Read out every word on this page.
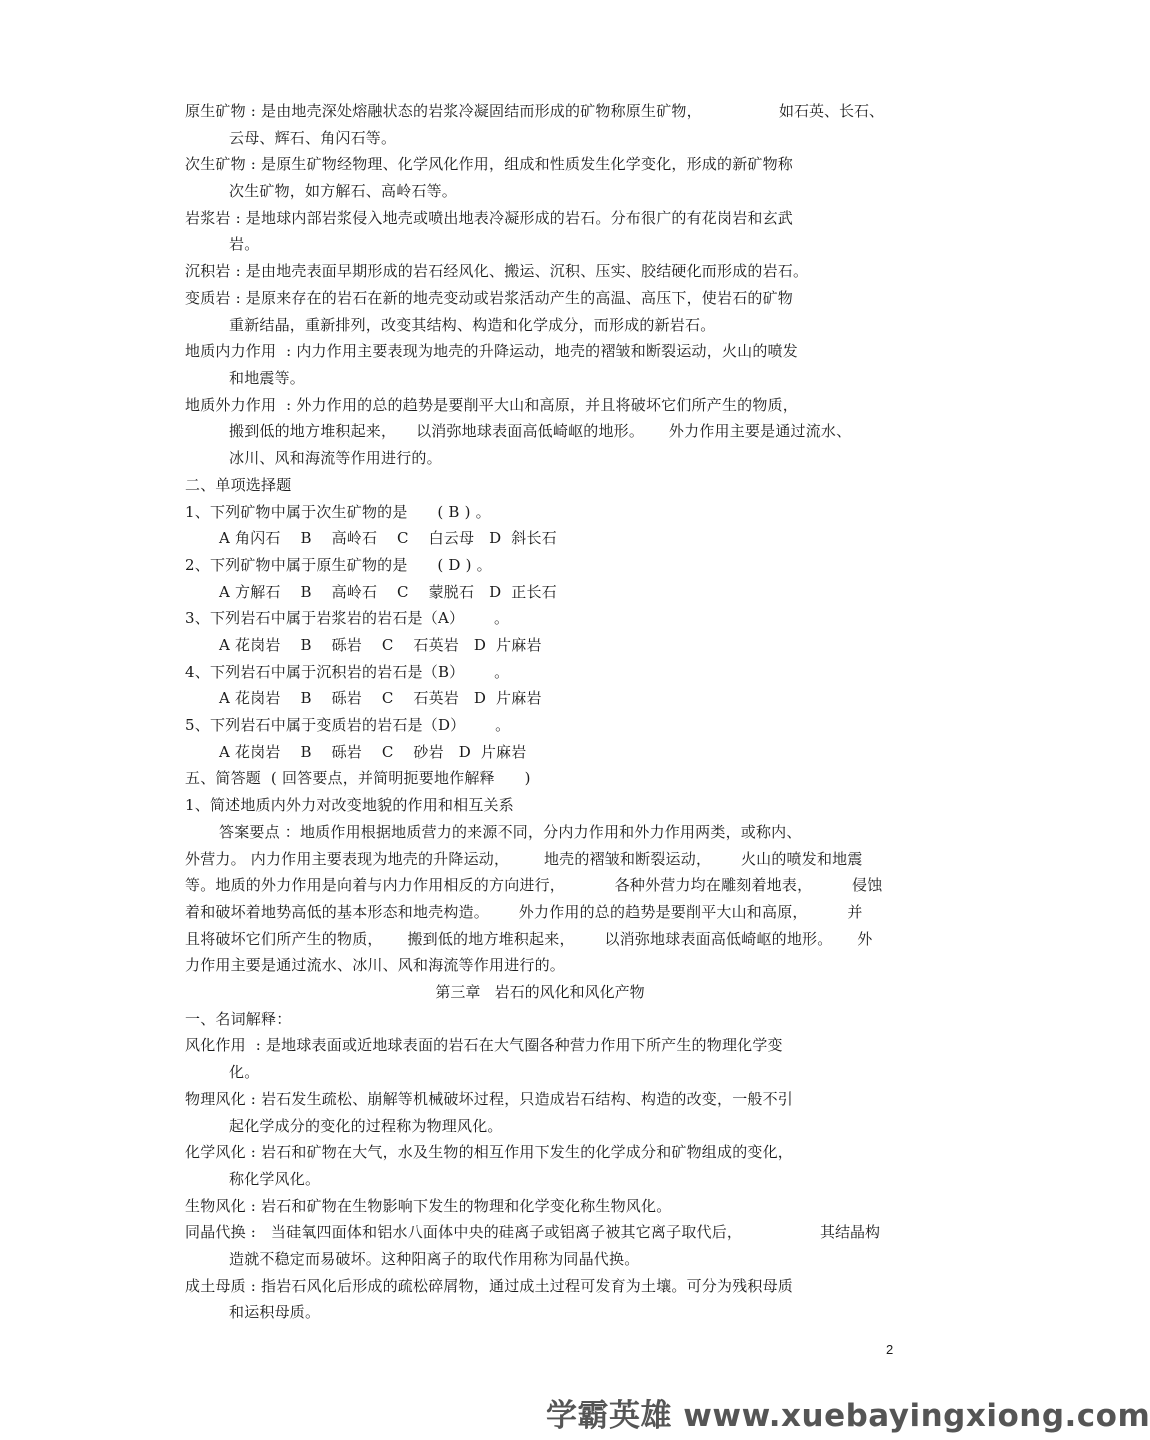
原生矿物 : 是由地壳深处熔融状态的岩浆冷凝固结而形成的矿物称原生矿物，	如石英、长石、
云母、辉石、角闪石等。
次生矿物 : 是原生矿物经物理、化学风化作用，组成和性质发生化学变化，形成的新矿物称
次生矿物，如方解石、高岭石等。
岩浆岩 : 是地球内部岩浆侵入地壳或喷出地表冷凝形成的岩石。分布很广的有花岗岩和玄武
岩。
沉积岩 : 是由地壳表面早期形成的岩石经风化、搬运、沉积、压实、胶结硬化而形成的岩石。
变质岩 : 是原来存在的岩石在新的地壳变动或岩浆活动产生的高温、高压下，使岩石的矿物
重新结晶，重新排列，改变其结构、构造和化学成分，而形成的新岩石。
地质内力作用  : 内力作用主要表现为地壳的升降运动，地壳的褶皱和断裂运动，火山的喷发
和地震等。
地质外力作用  : 外力作用的总的趋势是要削平大山和高原，并且将破坏它们所产生的物质，
搬到低的地方堆积起来，    以消弥地球表面高低崎岖的地形。     外力作用主要是通过流水、
冰川、风和海流等作用进行的。
二、单项选择题
1、下列矿物中属于次生矿物的是      ( B ) 。
A 角闪石    B    高岭石    C    白云母   D  斜长石
2、下列矿物中属于原生矿物的是      ( D ) 。
A 方解石    B    高岭石    C    蒙脱石   D  正长石
3、下列岩石中属于岩浆岩的岩石是（A）      。
A 花岗岩    B    砾岩    C    石英岩   D  片麻岩
4、下列岩石中属于沉积岩的岩石是（B）      。
A 花岗岩    B    砾岩    C    石英岩   D  片麻岩
5、下列岩石中属于变质岩的岩石是（D）      。
A 花岗岩    B    砾岩    C    砂岩   D  片麻岩
五、简答题  ( 回答要点，并简明扼要地作解释      )
1、简述地质内外力对改变地貌的作用和相互关系
答案要点 ：地质作用根据地质营力的来源不同，分内力作用和外力作用两类，或称内、
外营力。 内力作用主要表现为地壳的升降运动，       地壳的褶皱和断裂运动，      火山的喷发和地震
等。地质的外力作用是向着与内力作用相反的方向进行，          各种外营力均在雕刻着地表，        侵蚀
着和破坏着地势高低的基本形态和地壳构造。      外力作用的总的趋势是要削平大山和高原，        并
且将破坏它们所产生的物质，     搬到低的地方堆积起来，      以消弥地球表面高低崎岖的地形。     外
力作用主要是通过流水、冰川、风和海流等作用进行的。
第三章   岩石的风化和风化产物
一、名词解释：
风化作用  : 是地球表面或近地球表面的岩石在大气圈各种营力作用下所产生的物理化学变
化。
物理风化 : 岩石发生疏松、崩解等机械破坏过程，只造成岩石结构、构造的改变，一般不引
起化学成分的变化的过程称为物理风化。
化学风化 : 岩石和矿物在大气，水及生物的相互作用下发生的化学成分和矿物组成的变化，
称化学风化。
生物风化 : 岩石和矿物在生物影响下发生的物理和化学变化称生物风化。
同晶代换 :   当硅氧四面体和铝水八面体中央的硅离子或铝离子被其它离子取代后，	其结晶构
造就不稳定而易破坏。这种阳离子的取代作用称为同晶代换。
成土母质 : 指岩石风化后形成的疏松碎屑物，通过成土过程可发育为土壤。可分为残积母质
和运积母质。
2
学霸英雄 www.xuebayingxiong.com
